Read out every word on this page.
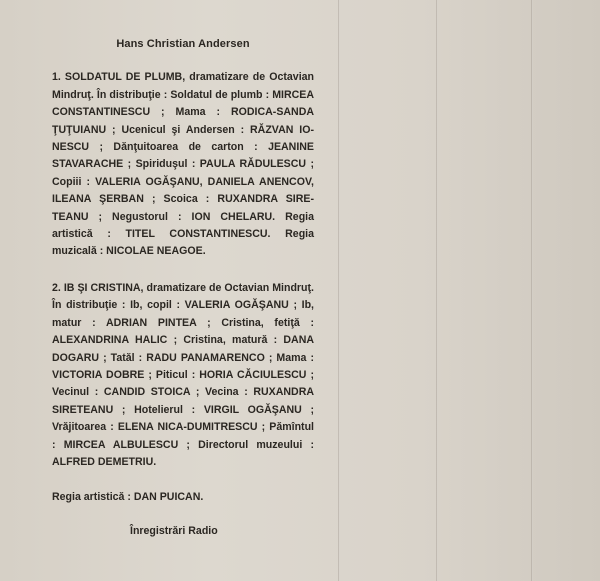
Hans Christian Andersen

1. SOLDATUL DE PLUMB, dramatizare de Octavian Mindruţ. În distribuţie : Soldatul de plumb : MIRCEA CONSTANTINESCU ; Mama : RODICA-SANDA ŢUŢUIANU ; Ucenicul şi Andersen : RĂZVAN IONESCU ; Dănţuitoarea de carton : JEANINE STAVARACHE ; Spiriduşul : PAULA RĂDULESCU ; Copiii : VALERIA OGĂŞANU, DANIELA ANENCOV, ILEANA ŞERBAN ; Scoica : RUXANDRA SIRETEANU ; Negustorul : ION CHELARU. Regia artistică : TITEL CONSTANTINESCU. Regia muzicală : NICOLAE NEAGOE.

2. IB ŞI CRISTINA, dramatizare de Octavian Mindruţ. În distribuţie : Ib, copil : VALERIA OGĂŞANU ; Ib, matur : ADRIAN PINTEA ; Cristina, fetiţă : ALEXANDRINA HALIC ; Cristina, matură : DANA DOGARU ; Tatăl : RADU PANAMARENCO ; Mama : VICTORIA DOBRE ; Piticul : HORIA CĂCIULESCU ; Vecinul : CANDID STOICA ; Vecina : RUXANDRA SIRETEANU ; Hotelierul : VIRGIL OGĂŞANU ; Vrăjitoarea : ELENA NICA-DUMITRESCU ; Pămîntul : MIRCEA ALBULESCU ; Directorul muzeului : ALFRED DEMETRIU.

Regia artistică : DAN PUICAN.

Înregistrări Radio
